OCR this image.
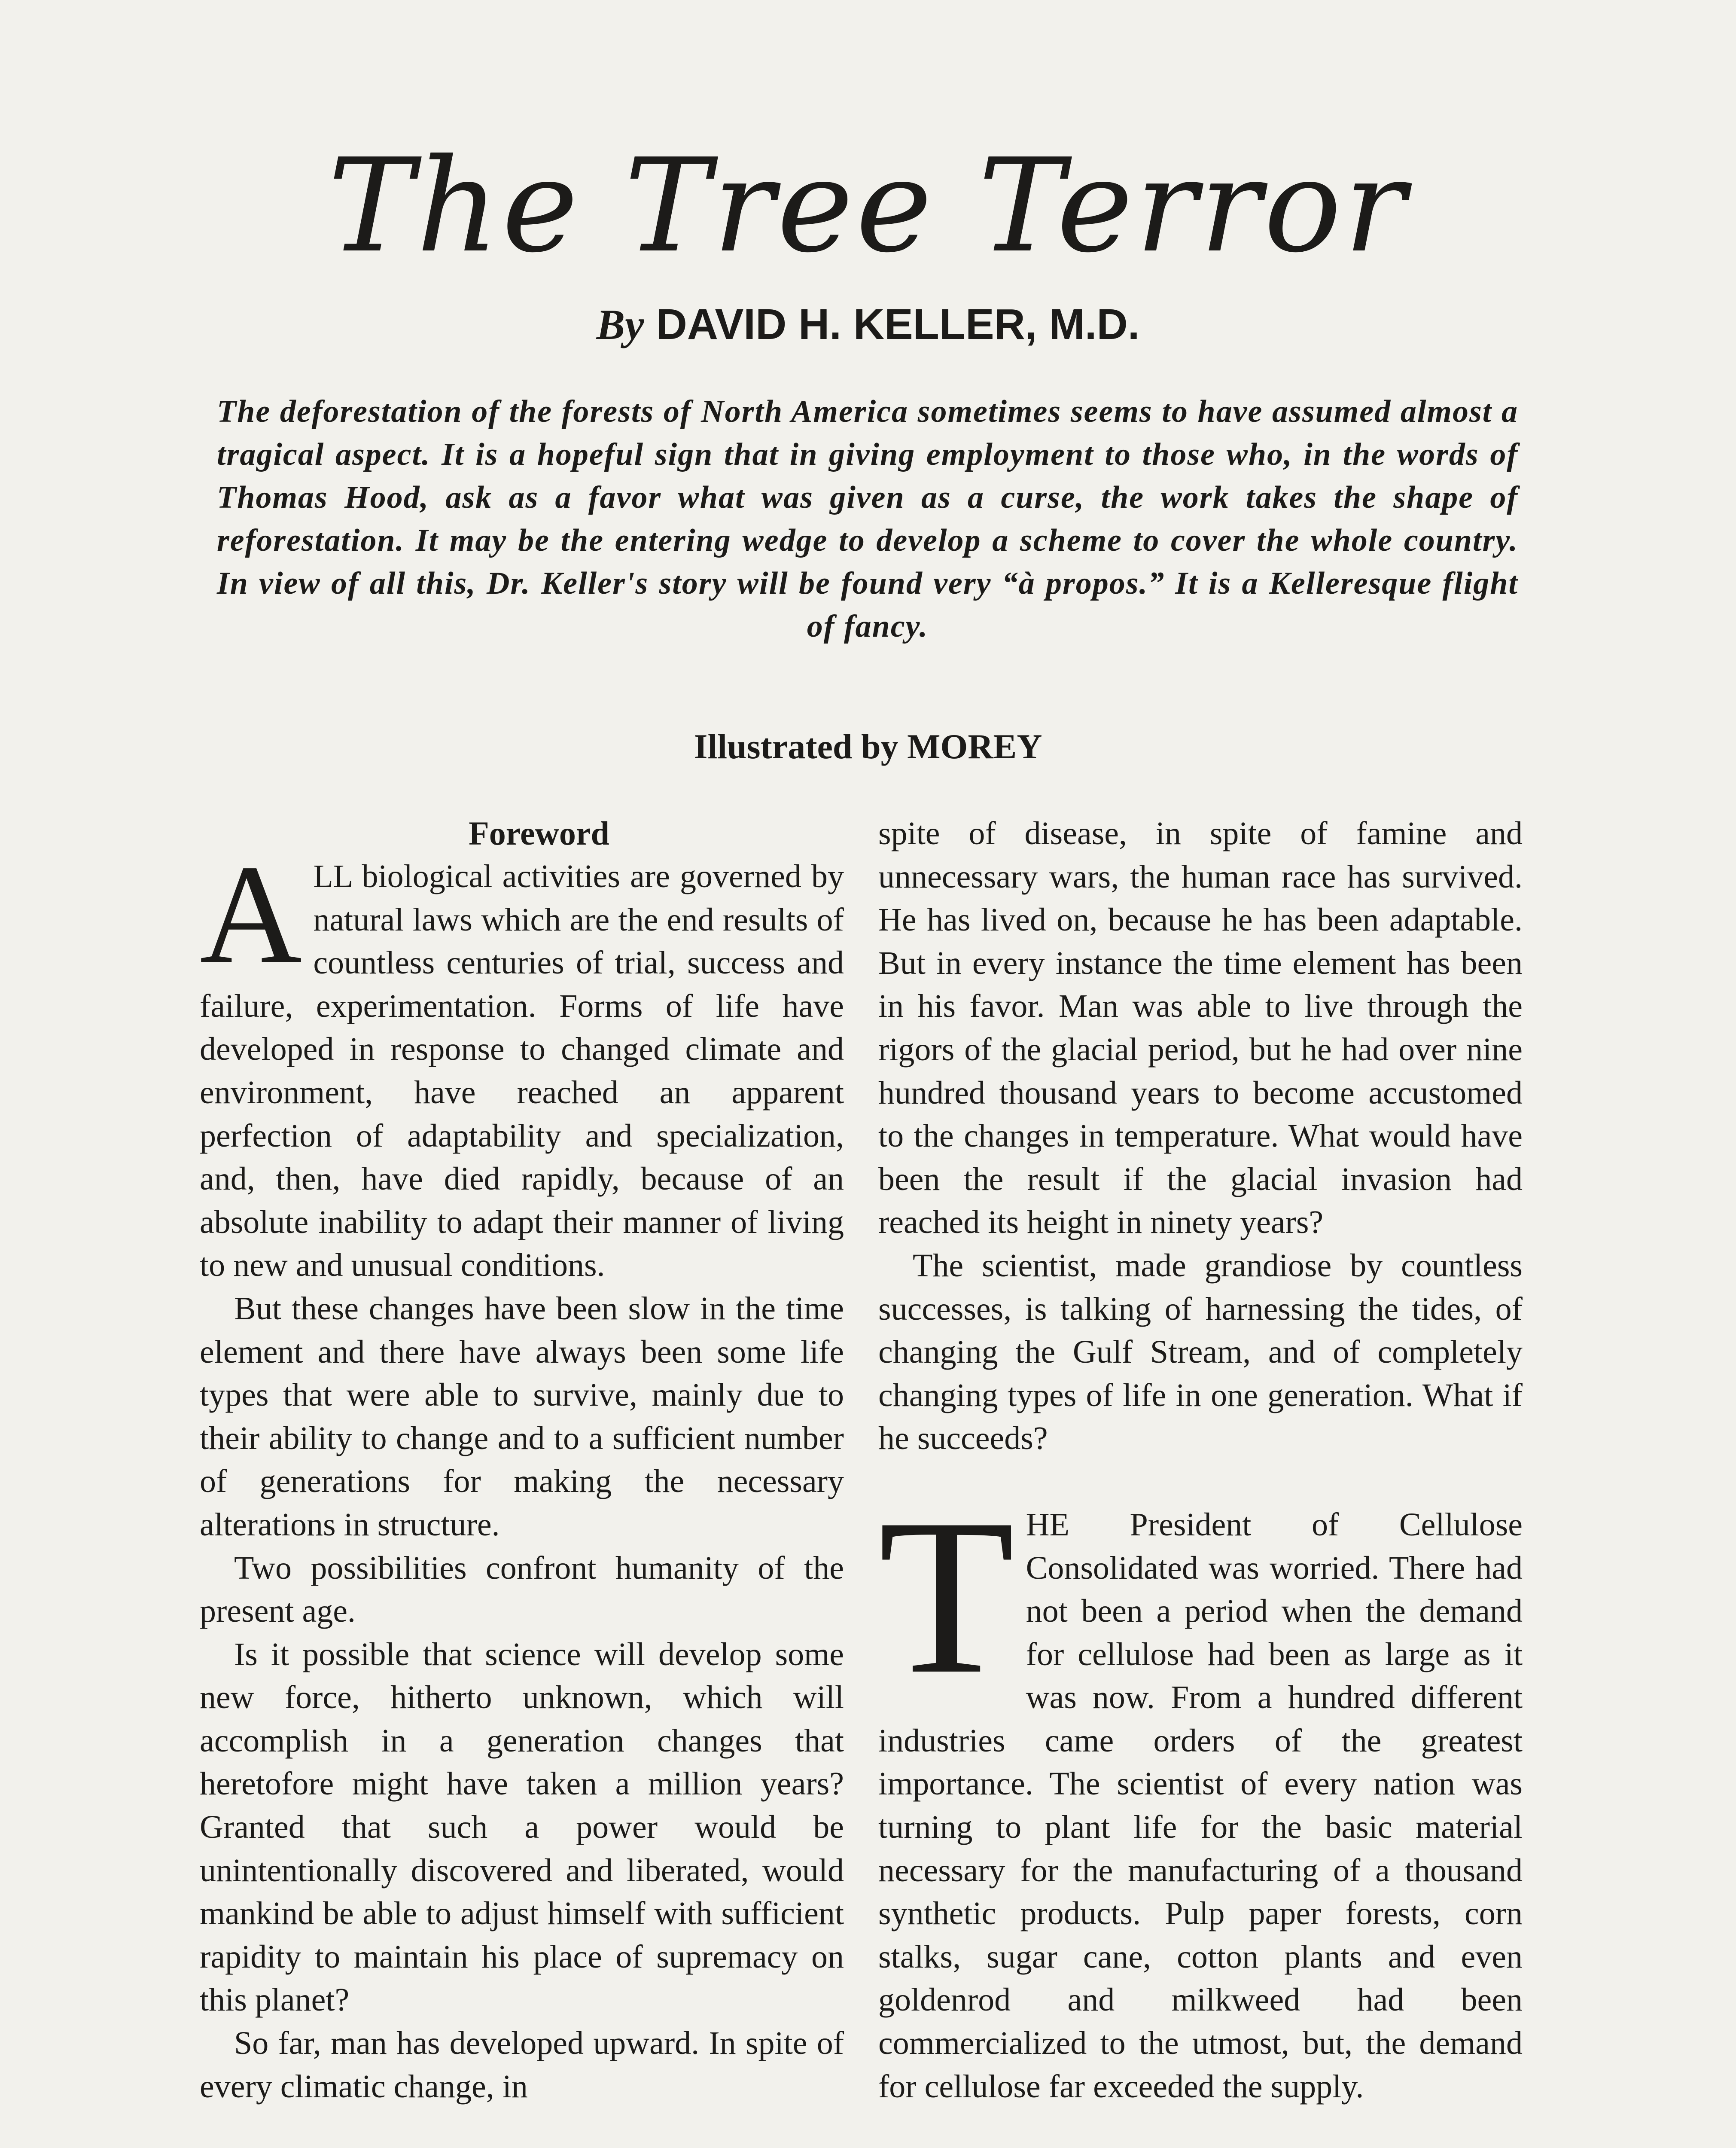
The Tree Terror
By DAVID H. KELLER, M.D.

The deforestation of the forests of North America sometimes seems to have assumed almost a tragical aspect. It is a hopeful sign that in giving employment to those who, in the words of Thomas Hood, ask as a favor what was given as a curse, the work takes the shape of reforestation. It may be the entering wedge to develop a scheme to cover the whole country. In view of all this, Dr. Keller's story will be found very “à propos.” It is a Kelleresque flight of fancy.

Illustrated by MOREY

Foreword

ALL biological activities are governed by natural laws which are the end results of countless centuries of trial, success and failure, experimentation. Forms of life have developed in response to changed climate and environment, have reached an apparent perfection of adaptability and specialization, and, then, have died rapidly, because of an absolute inability to adapt their manner of living to new and unusual conditions.

But these changes have been slow in the time element and there have always been some life types that were able to survive, mainly due to their ability to change and to a sufficient number of generations for making the necessary alterations in structure.

Two possibilities confront humanity of the present age.

Is it possible that science will develop some new force, hitherto unknown, which will accomplish in a generation changes that heretofore might have taken a million years? Granted that such a power would be unintentionally discovered and liberated, would mankind be able to adjust himself with sufficient rapidity to maintain his place of supremacy on this planet?

So far, man has developed upward. In spite of every climatic change, in

spite of disease, in spite of famine and unnecessary wars, the human race has survived. He has lived on, because he has been adaptable. But in every instance the time element has been in his favor. Man was able to live through the rigors of the glacial period, but he had over nine hundred thousand years to become accustomed to the changes in temperature. What would have been the result if the glacial invasion had reached its height in ninety years?

The scientist, made grandiose by countless successes, is talking of harnessing the tides, of changing the Gulf Stream, and of completely changing types of life in one generation. What if he succeeds?

THE President of Cellulose Consolidated was worried. There had not been a period when the demand for cellulose had been as large as it was now. From a hundred different industries came orders of the greatest importance. The scientist of every nation was turning to plant life for the basic material necessary for the manufacturing of a thousand synthetic products. Pulp paper forests, corn stalks, sugar cane, cotton plants and even goldenrod and milkweed had been commercialized to the utmost, but, the demand for cellulose far exceeded the supply.
